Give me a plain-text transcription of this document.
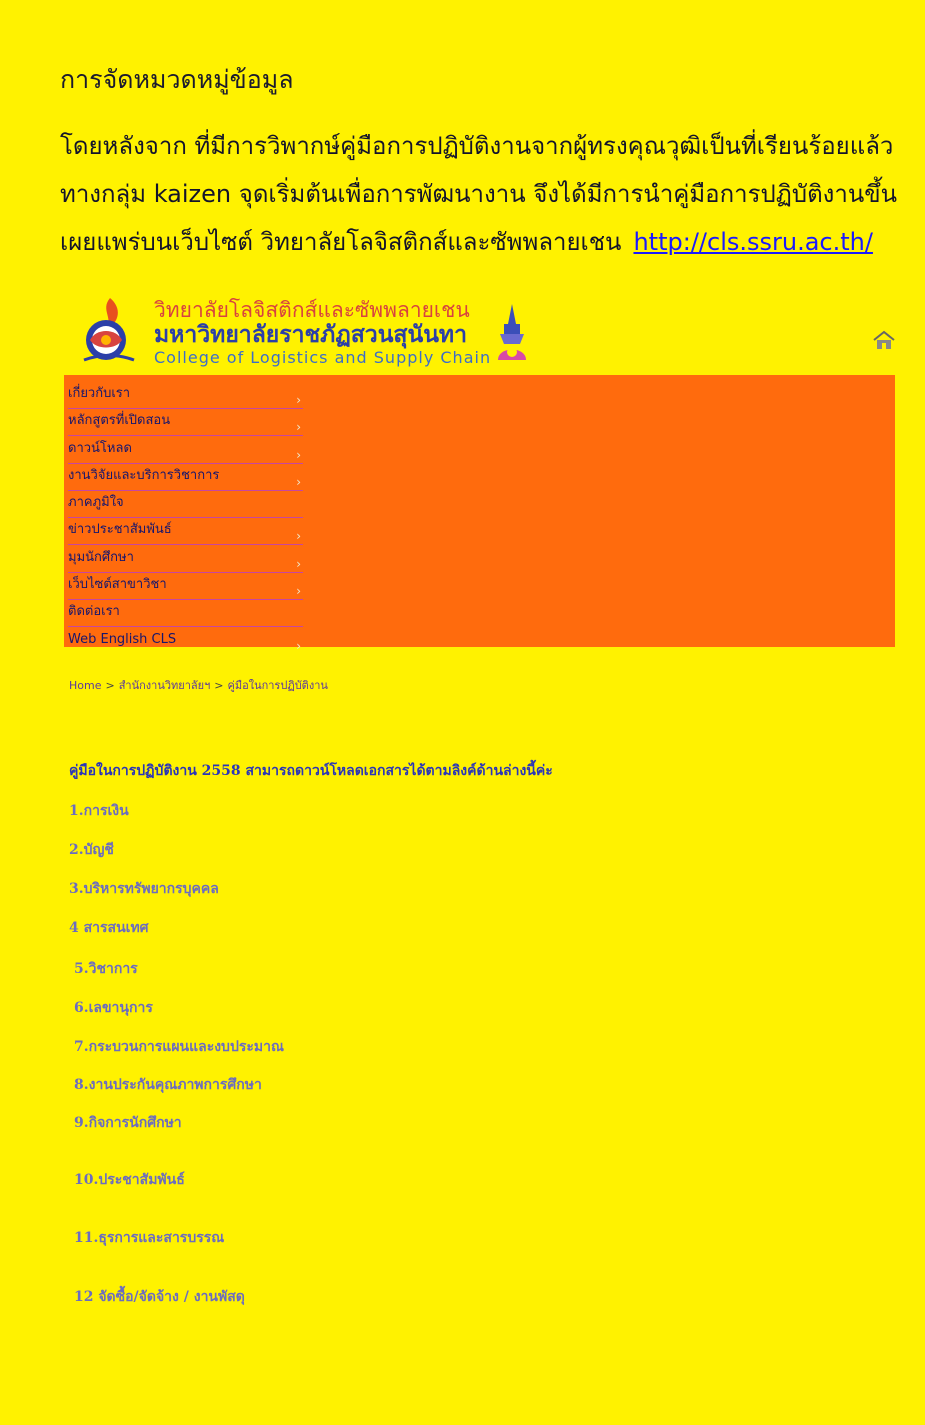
การจัดหมวดหมู่ข้อมูล

โดยหลังจาก ที่มีการวิพากษ์คู่มือการปฏิบัติงานจากผู้ทรงคุณวุฒิเป็นที่เรียนร้อยแล้ว ทางกลุ่ม kaizen จุดเริ่มต้นเพื่อการพัฒนางาน จึงได้มีการนำคู่มือการปฏิบัติงานขึ้นเผยแพร่บนเว็บไซต์ วิทยาลัยโลจิสติกส์และซัพพลายเชน http://cls.ssru.ac.th/

วิทยาลัยโลจิสติกส์และซัพพลายเชน
มหาวิทยาลัยราชภัฏสวนสุนันทา
College of Logistics and Supply Chain
เกี่ยวกับเรา	›
หลักสูตรที่เปิดสอน	›
ดาวน์โหลด	›
งานวิจัยและบริการวิชาการ	›
ภาคภูมิใจ
ข่าวประชาสัมพันธ์	›
มุมนักศึกษา	›
เว็บไซต์สาขาวิชา	›
ติดต่อเรา
Web English CLS	›
Home > สำนักงานวิทยาลัยฯ > คู่มือในการปฏิบัติงาน
คู่มือในการปฏิบัติงาน 2558 สามารถดาวน์โหลดเอกสารได้ตามลิงค์ด้านล่างนี้ค่ะ
1.การเงิน
2.บัญชี
3.บริหารทรัพยากรบุคคล
4 สารสนเทศ
5.วิชาการ
6.เลขานุการ
7.กระบวนการแผนและงบประมาณ
8.งานประกันคุณภาพการศึกษา
9.กิจการนักศึกษา
10.ประชาสัมพันธ์
11.ธุรการและสารบรรณ
12 จัดซื้อ/จัดจ้าง / งานพัสดุ
